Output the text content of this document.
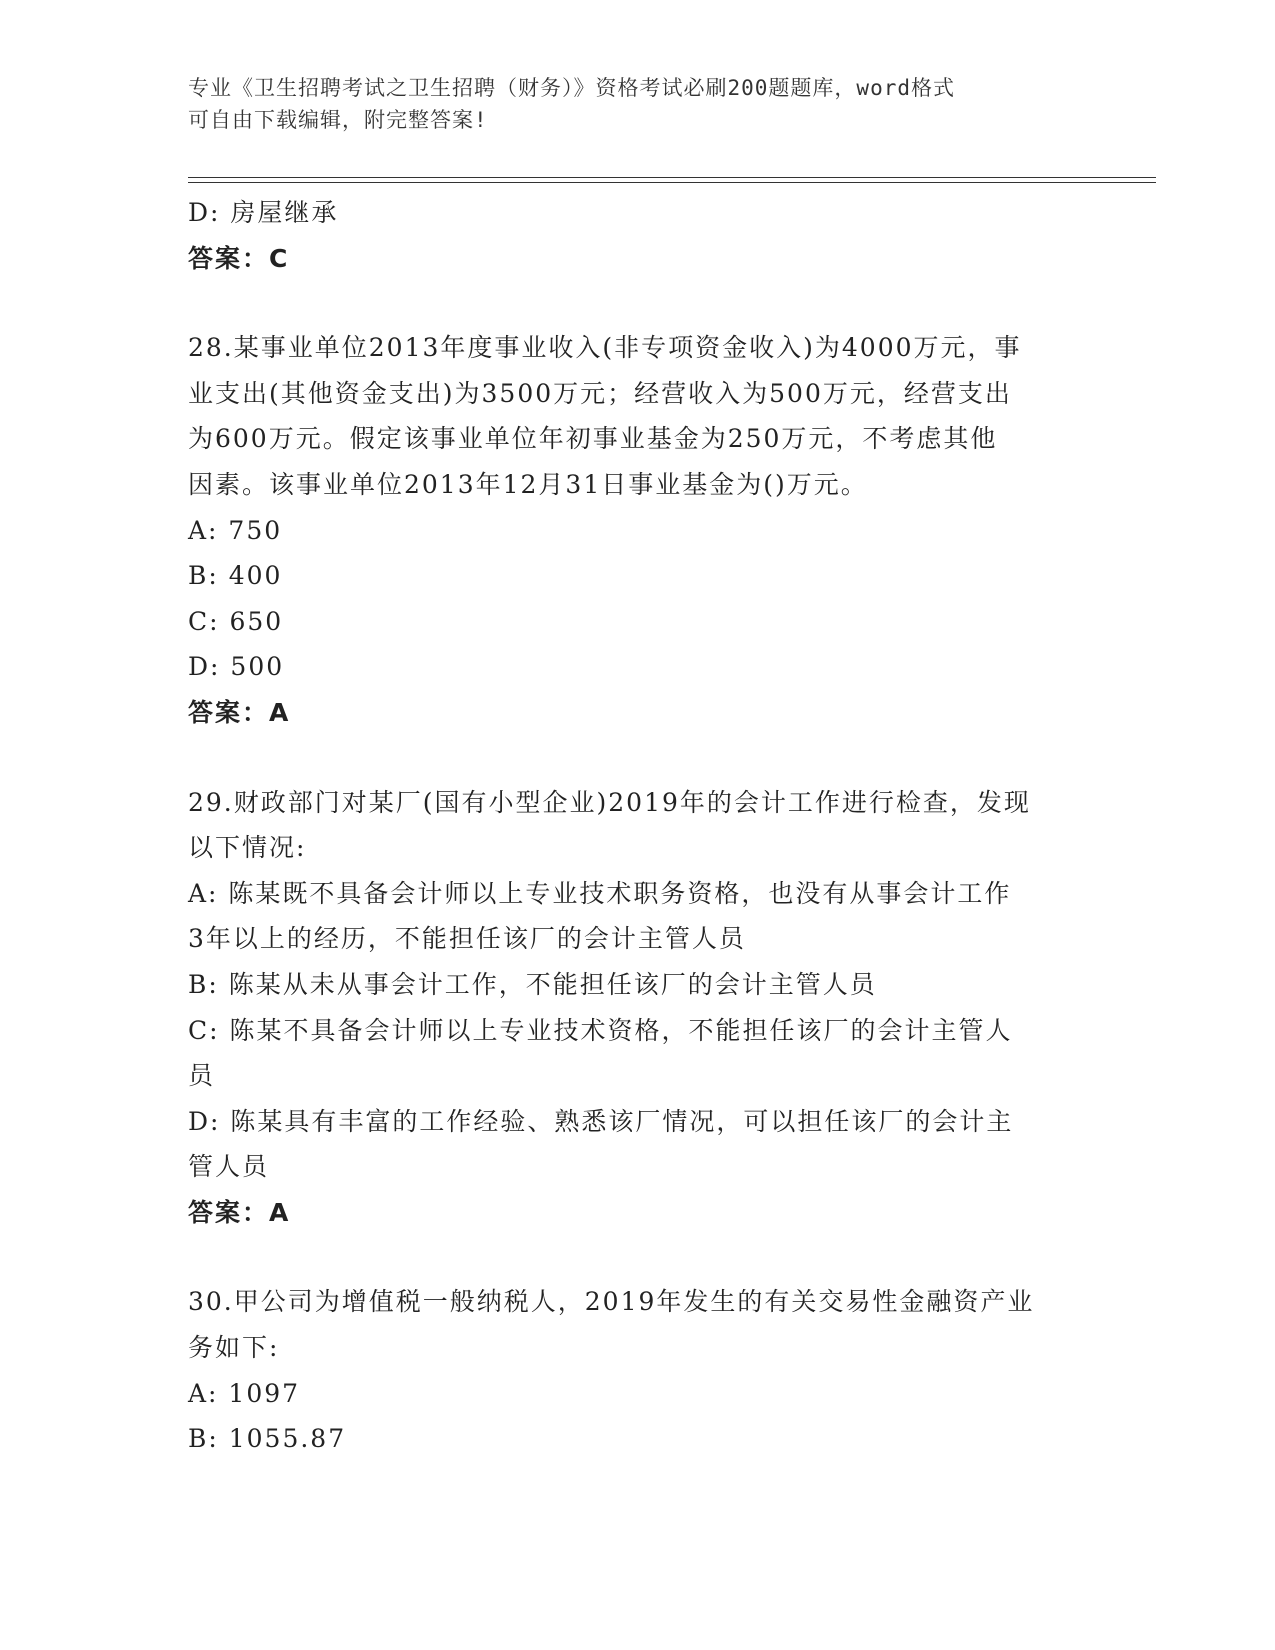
专业《卫生招聘考试之卫生招聘（财务）》资格考试必刷200题题库，word格式
可自由下载编辑，附完整答案!
D: 房屋继承
答案：C
28.某事业单位2013年度事业收入(非专项资金收入)为4000万元，事
业支出(其他资金支出)为3500万元；经营收入为500万元，经营支出
为600万元。假定该事业单位年初事业基金为250万元，不考虑其他
因素。该事业单位2013年12月31日事业基金为()万元。
A: 750
B: 400
C: 650
D: 500
答案：A
29.财政部门对某厂(国有小型企业)2019年的会计工作进行检查，发现
以下情况:
A: 陈某既不具备会计师以上专业技术职务资格，也没有从事会计工作
3年以上的经历，不能担任该厂的会计主管人员
B: 陈某从未从事会计工作，不能担任该厂的会计主管人员
C: 陈某不具备会计师以上专业技术资格，不能担任该厂的会计主管人
员
D: 陈某具有丰富的工作经验、熟悉该厂情况，可以担任该厂的会计主
管人员
答案：A
30.甲公司为增值税一般纳税人，2019年发生的有关交易性金融资产业
务如下:
A: 1097
B: 1055.87
